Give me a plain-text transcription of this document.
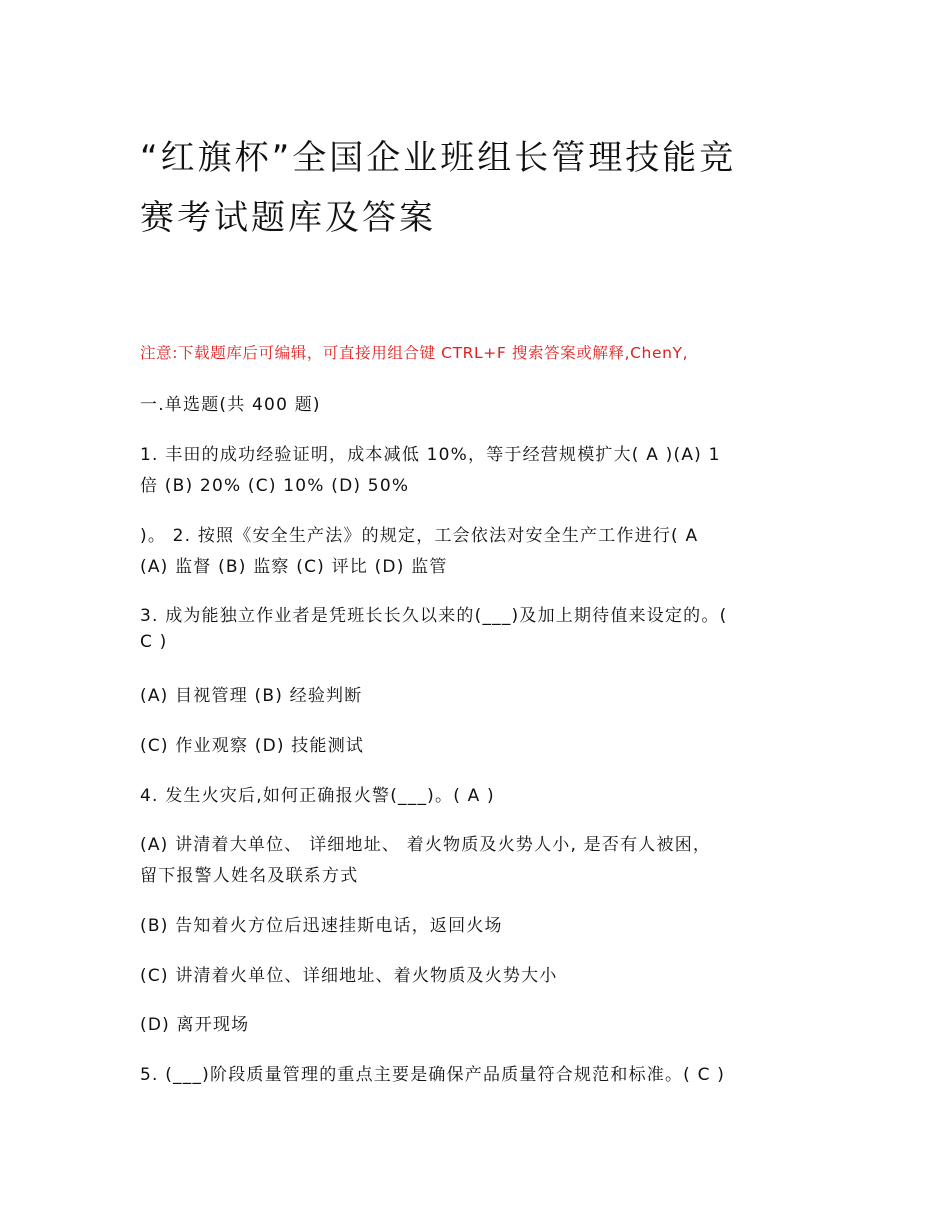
“红旗杯”全国企业班组长管理技能竞
赛考试题库及答案

注意:下载题库后可编辑，可直接用组合键 CTRL+F 搜索答案或解释,ChenY,

一.单选题(共 400 题)

1. 丰田的成功经验证明，成本减低 10%，等于经营规模扩大( A )(A) 1

倍 (B) 20% (C) 10% (D) 50%

)。 2. 按照《安全生产法》的规定，工会依法对安全生产工作进行( A

(A) 监督 (B) 监察 (C) 评比 (D) 监管

3. 成为能独立作业者是凭班长长久以来的(___)及加上期待值来设定的。(

C )

(A) 目视管理 (B) 经验判断

(C) 作业观察 (D) 技能测试

4. 发生火灾后,如何正确报火警(___)。( A )

(A) 讲清着大单位、 详细地址、 着火物质及火势人小, 是否有人被困，

留下报警人姓名及联系方式

(B) 告知着火方位后迅速挂斯电话，返回火场

(C) 讲清着火单位、详细地址、着火物质及火势大小

(D) 离开现场

5. (___)阶段质量管理的重点主要是确保产品质量符合规范和标准。( C )
